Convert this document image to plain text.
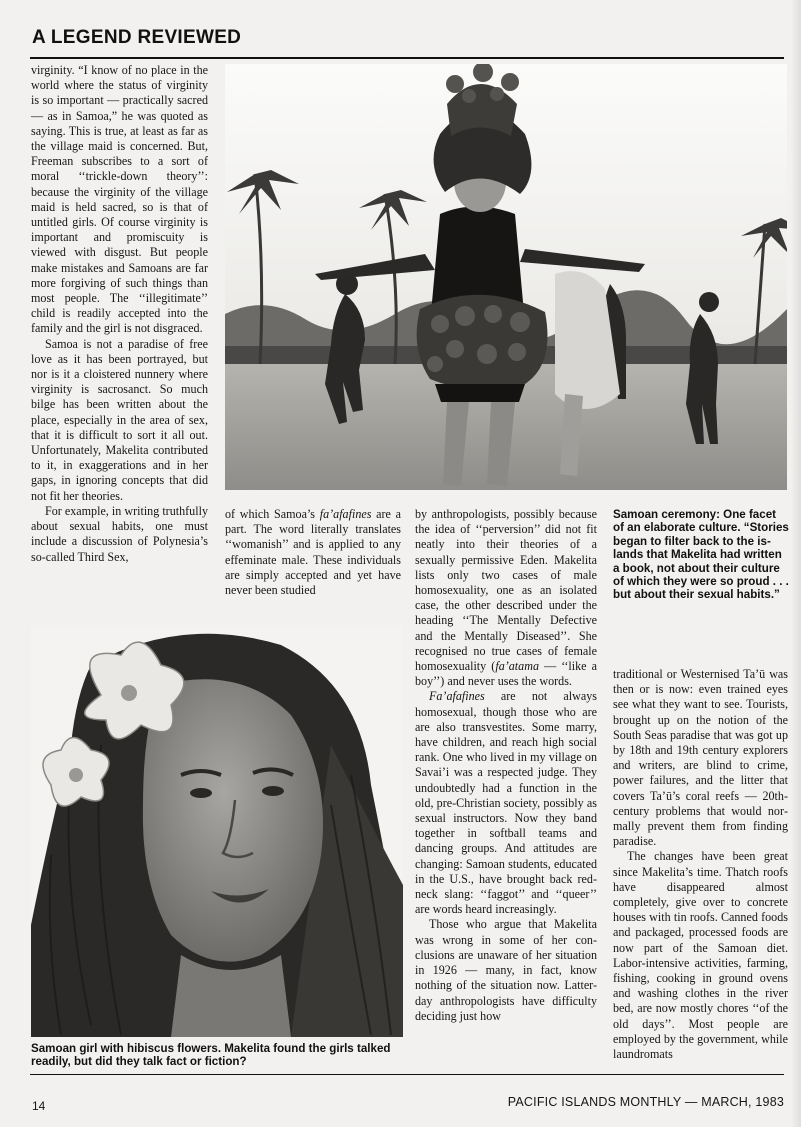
A LEGEND REVIEWED

virginity. “I know of no place in the world where the status of virginity is so important — practically sacred — as in Samoa,” he was quoted as saying. This is true, at least as far as the village maid is concerned. But, Freeman subscribes to a sort of moral ‘‘trickle-down theory’’: because the virginity of the village maid is held sacred, so is that of untitled girls. Of course virginity is important and promiscuity is viewed with disgust. But people make mistakes and Samoans are far more forgiving of such things than most people. The ‘‘illegitimate’’ child is readily accepted into the family and the girl is not disgraced.

Samoa is not a paradise of free love as it has been portrayed, but nor is it a cloistered nunnery where virginity is sacrosanct. So much bilge has been written about the place, especially in the area of sex, that it is difficult to sort it all out. Unfortunately, Makelita contributed to it, in exaggerations and in her gaps, in ignoring concepts that did not fit her theories.

For example, in writing truthfully about sexual habits, one must include a discussion of Polynesia’s so-called Third Sex,

Samoan ceremony: One facet of an elaborate culture. “Stories began to filter back to the islands that Makelita had written a book, not about their culture of which they were so proud . . . but about their sexual habits.”

of which Samoa’s fa’afafines are a part. The word literally translates ‘‘womanish’’ and is applied to any effeminate male. These individuals are simply accepted and yet have never been studied

by anthropologists, possibly because the idea of ‘‘perversion’’ did not fit neatly into their theories of a sexually permissive Eden. Makelita lists only two cases of male homosexuality, one as an isolated case, the other described under the heading ‘‘The Mentally Defective and the Mentally Diseased’’. She recognised no true cases of female homosexuality (fa’atama — ‘‘like a boy’’) and never uses the words.

Fa’afafines are not always homosexual, though those who are are also transvestites. Some marry, have children, and reach high social rank. One who lived in my village on Savai’i was a respected judge. They undoubtedly had a function in the old, pre-Christian society, possibly as sexual instructors. Now they band together in softball teams and dancing groups. And attitudes are changing: Samoan students, educated in the U.S., have brought back red-neck slang: ‘‘faggot’’ and ‘‘queer’’ are words heard increasingly.

Those who argue that Makelita was wrong in some of her conclusions are unaware of her situation in 1926 — many, in fact, know nothing of the situation now. Latter-day anthropologists have difficulty deciding just how

Samoan girl with hibiscus flowers. Makelita found the girls talked readily, but did they talk fact or fiction?

traditional or Westernised Ta’ū was then or is now: even trained eyes see what they want to see. Tourists, brought up on the notion of the South Seas paradise that was got up by 18th and 19th century explorers and writers, are blind to crime, power failures, and the litter that covers Ta’ū’s coral reefs — 20th-century problems that would normally prevent them from finding paradise.

The changes have been great since Makelita’s time. Thatch roofs have disappeared almost completely, give over to concrete houses with tin roofs. Canned foods and packaged, processed foods are now part of the Samoan diet. Labor-intensive activities, farming, fishing, cooking in ground ovens and washing clothes in the river bed, are now mostly chores ‘‘of the old days’’. Most people are employed by the government, while laundromats

14	PACIFIC ISLANDS MONTHLY — MARCH, 1983
